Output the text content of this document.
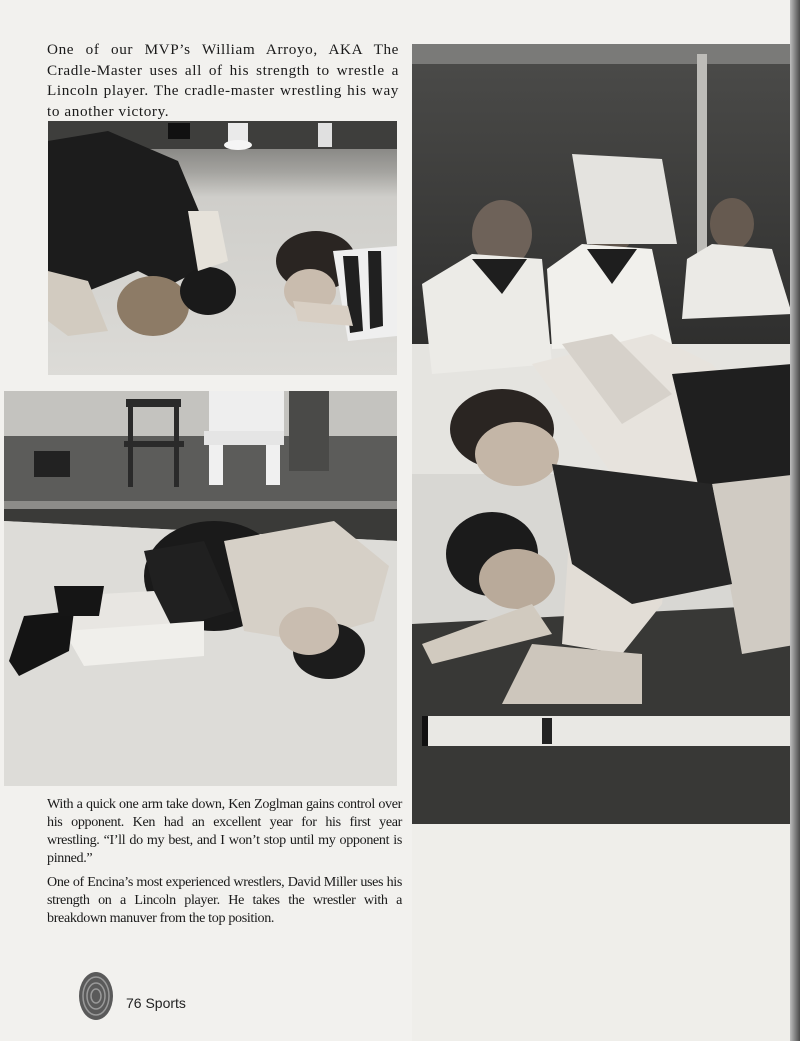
One of our MVP’s William Arroyo, AKA The Cradle-Master uses all of his strength to wrestle a Lincoln player. The cradle-master wrestling his way to another victory.

With a quick one arm take down, Ken Zoglman gains control over his opponent. Ken had an excellent year for his first year wrestling. “I’ll do my best, and I won’t stop until my opponent is pinned.”

One of Encina’s most experienced wrestlers, David Miller uses his strength on a Lincoln player. He takes the wrestler with a breakdown manuver from the top position.

76 Sports
